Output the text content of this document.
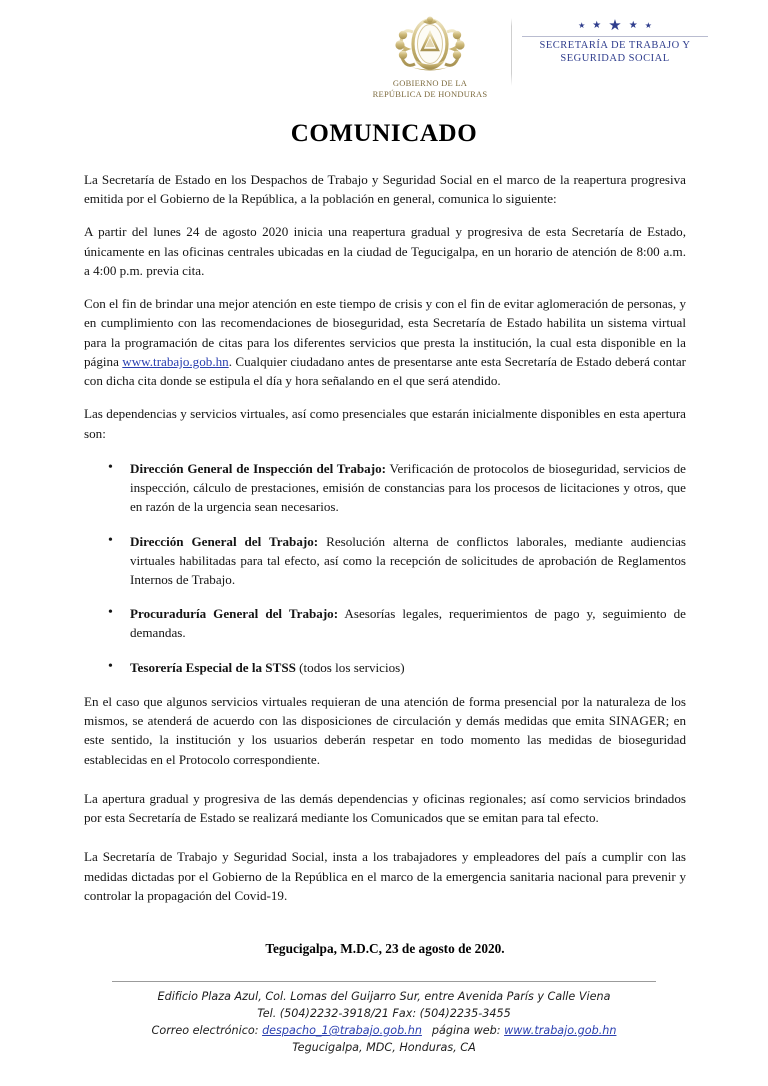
GOBIERNO DE LA
REPÚBLICA DE HONDURAS
★ ★ ★ ★ ★
SECRETARÍA DE TRABAJO Y
SEGURIDAD SOCIAL
COMUNICADO

La Secretaría de Estado en los Despachos de Trabajo y Seguridad Social en el marco de la reapertura progresiva emitida por el Gobierno de la República, a la población en general, comunica lo siguiente:

A partir del lunes 24 de agosto 2020 inicia una reapertura gradual y progresiva de esta Secretaría de Estado, únicamente en las oficinas centrales ubicadas en la ciudad de Tegucigalpa, en un horario de atención de 8:00 a.m. a 4:00 p.m. previa cita.

Con el fin de brindar una mejor atención en este tiempo de crisis y con el fin de evitar aglomeración de personas, y en cumplimiento con las recomendaciones de bioseguridad, esta Secretaría de Estado habilita un sistema virtual para la programación de citas para los diferentes servicios que presta la institución, la cual esta disponible en la página www.trabajo.gob.hn. Cualquier ciudadano antes de presentarse ante esta Secretaría de Estado deberá contar con dicha cita donde se estipula el día y hora señalando en el que será atendido.

Las dependencias y servicios virtuales, así como presenciales que estarán inicialmente disponibles en esta apertura son:

• Dirección General de Inspección del Trabajo: Verificación de protocolos de bioseguridad, servicios de inspección, cálculo de prestaciones, emisión de constancias para los procesos de licitaciones y otros, que en razón de la urgencia sean necesarios.
• Dirección General del Trabajo: Resolución alterna de conflictos laborales, mediante audiencias virtuales habilitadas para tal efecto, así como la recepción de solicitudes de aprobación de Reglamentos Internos de Trabajo.
• Procuraduría General del Trabajo: Asesorías legales, requerimientos de pago y, seguimiento de demandas.
• Tesorería Especial de la STSS (todos los servicios)

En el caso que algunos servicios virtuales requieran de una atención de forma presencial por la naturaleza de los mismos, se atenderá de acuerdo con las disposiciones de circulación y demás medidas que emita SINAGER; en este sentido, la institución y los usuarios deberán respetar en todo momento las medidas de bioseguridad establecidas en el Protocolo correspondiente.

La apertura gradual y progresiva de las demás dependencias y oficinas regionales; así como servicios brindados por esta Secretaría de Estado se realizará mediante los Comunicados que se emitan para tal efecto.

La Secretaría de Trabajo y Seguridad Social, insta a los trabajadores y empleadores del país a cumplir con las medidas dictadas por el Gobierno de la República en el marco de la emergencia sanitaria nacional para prevenir y controlar la propagación del Covid-19.

Tegucigalpa, M.D.C, 23 de agosto de 2020.

Edificio Plaza Azul, Col. Lomas del Guijarro Sur, entre Avenida París y Calle Viena
Tel. (504)2232-3918/21 Fax: (504)2235-3455
Correo electrónico: despacho_1@trabajo.gob.hn página web: www.trabajo.gob.hn
Tegucigalpa, MDC, Honduras, CA
